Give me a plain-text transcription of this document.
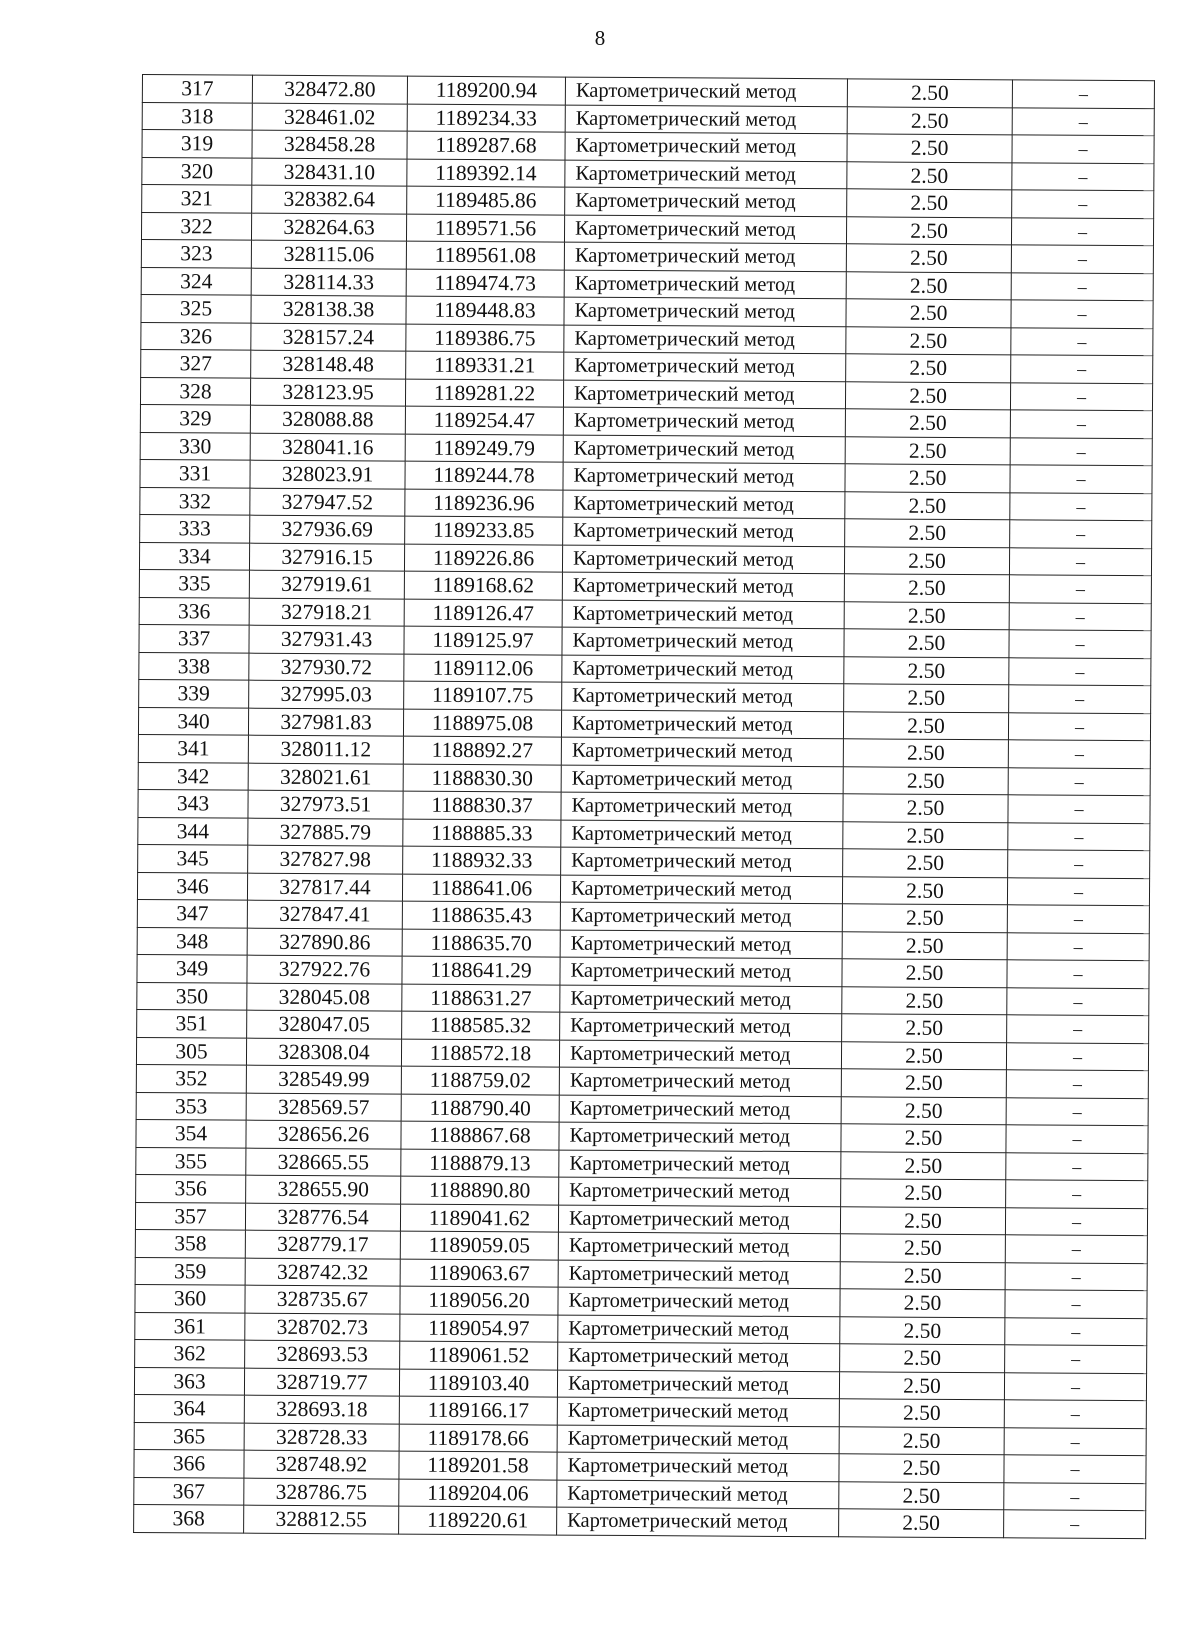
8
317	328472.80	1189200.94	Картометрический метод	2.50	–
318	328461.02	1189234.33	Картометрический метод	2.50	–
319	328458.28	1189287.68	Картометрический метод	2.50	–
320	328431.10	1189392.14	Картометрический метод	2.50	–
321	328382.64	1189485.86	Картометрический метод	2.50	–
322	328264.63	1189571.56	Картометрический метод	2.50	–
323	328115.06	1189561.08	Картометрический метод	2.50	–
324	328114.33	1189474.73	Картометрический метод	2.50	–
325	328138.38	1189448.83	Картометрический метод	2.50	–
326	328157.24	1189386.75	Картометрический метод	2.50	–
327	328148.48	1189331.21	Картометрический метод	2.50	–
328	328123.95	1189281.22	Картометрический метод	2.50	–
329	328088.88	1189254.47	Картометрический метод	2.50	–
330	328041.16	1189249.79	Картометрический метод	2.50	–
331	328023.91	1189244.78	Картометрический метод	2.50	–
332	327947.52	1189236.96	Картометрический метод	2.50	–
333	327936.69	1189233.85	Картометрический метод	2.50	–
334	327916.15	1189226.86	Картометрический метод	2.50	–
335	327919.61	1189168.62	Картометрический метод	2.50	–
336	327918.21	1189126.47	Картометрический метод	2.50	–
337	327931.43	1189125.97	Картометрический метод	2.50	–
338	327930.72	1189112.06	Картометрический метод	2.50	–
339	327995.03	1189107.75	Картометрический метод	2.50	–
340	327981.83	1188975.08	Картометрический метод	2.50	–
341	328011.12	1188892.27	Картометрический метод	2.50	–
342	328021.61	1188830.30	Картометрический метод	2.50	–
343	327973.51	1188830.37	Картометрический метод	2.50	–
344	327885.79	1188885.33	Картометрический метод	2.50	–
345	327827.98	1188932.33	Картометрический метод	2.50	–
346	327817.44	1188641.06	Картометрический метод	2.50	–
347	327847.41	1188635.43	Картометрический метод	2.50	–
348	327890.86	1188635.70	Картометрический метод	2.50	–
349	327922.76	1188641.29	Картометрический метод	2.50	–
350	328045.08	1188631.27	Картометрический метод	2.50	–
351	328047.05	1188585.32	Картометрический метод	2.50	–
305	328308.04	1188572.18	Картометрический метод	2.50	–
352	328549.99	1188759.02	Картометрический метод	2.50	–
353	328569.57	1188790.40	Картометрический метод	2.50	–
354	328656.26	1188867.68	Картометрический метод	2.50	–
355	328665.55	1188879.13	Картометрический метод	2.50	–
356	328655.90	1188890.80	Картометрический метод	2.50	–
357	328776.54	1189041.62	Картометрический метод	2.50	–
358	328779.17	1189059.05	Картометрический метод	2.50	–
359	328742.32	1189063.67	Картометрический метод	2.50	–
360	328735.67	1189056.20	Картометрический метод	2.50	–
361	328702.73	1189054.97	Картометрический метод	2.50	–
362	328693.53	1189061.52	Картометрический метод	2.50	–
363	328719.77	1189103.40	Картометрический метод	2.50	–
364	328693.18	1189166.17	Картометрический метод	2.50	–
365	328728.33	1189178.66	Картометрический метод	2.50	–
366	328748.92	1189201.58	Картометрический метод	2.50	–
367	328786.75	1189204.06	Картометрический метод	2.50	–
368	328812.55	1189220.61	Картометрический метод	2.50	–
